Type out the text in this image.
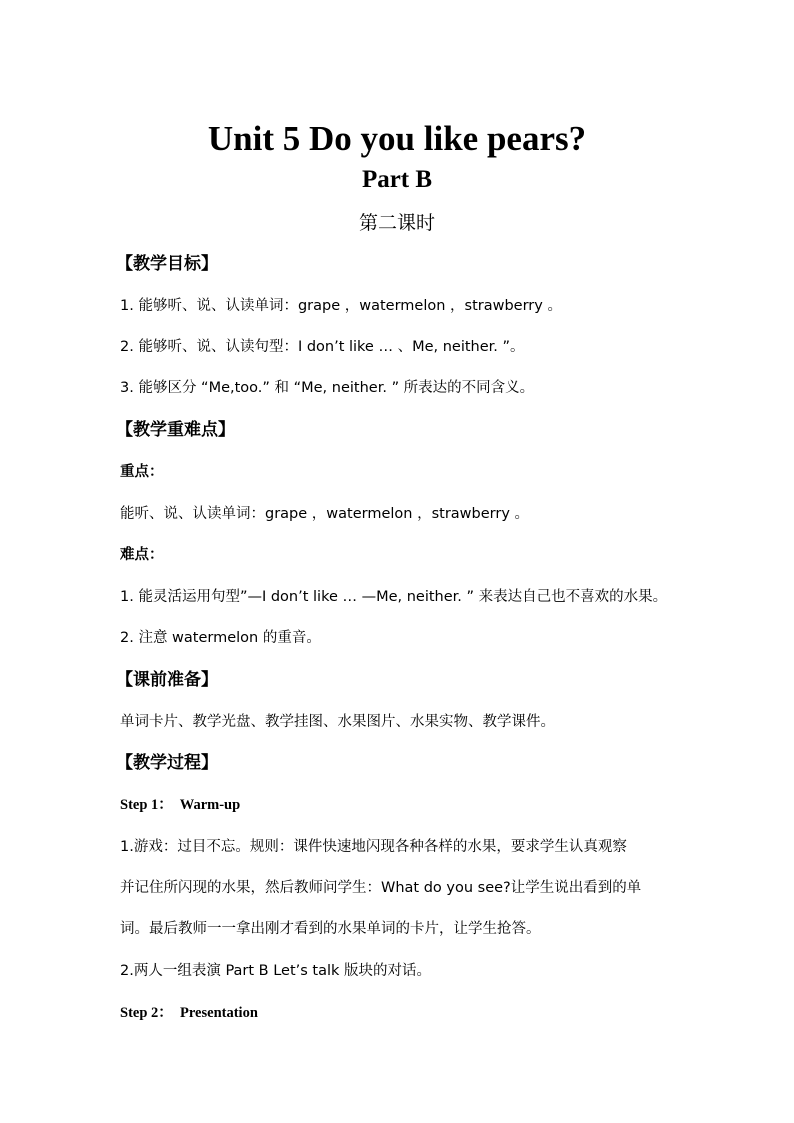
Unit 5 Do you like pears?
Part B
第二课时
【教学目标】
1. 能够听、说、认读单词：grape ，watermelon ，strawberry 。
2. 能够听、说、认读句型：I don’t like … 、Me, neither. ”。
3. 能够区分 “Me,too.” 和 “Me, neither. ” 所表达的不同含义。
【教学重难点】
重点：
能听、说、认读单词：grape ，watermelon ，strawberry 。
难点：
1. 能灵活运用句型”—I don’t like … —Me, neither. ” 来表达自己也不喜欢的水果。
2. 注意 watermelon 的重音。
【课前准备】
单词卡片、教学光盘、教学挂图、水果图片、水果实物、教学课件。
【教学过程】
Step 1：  Warm-up
1.游戏：过目不忘。规则：课件快速地闪现各种各样的水果，要求学生认真观察
并记住所闪现的水果，然后教师问学生：What do you see?让学生说出看到的单
词。最后教师一一拿出刚才看到的水果单词的卡片，让学生抢答。
2.两人一组表演 Part B Let’s talk 版块的对话。
Step 2：  Presentation
